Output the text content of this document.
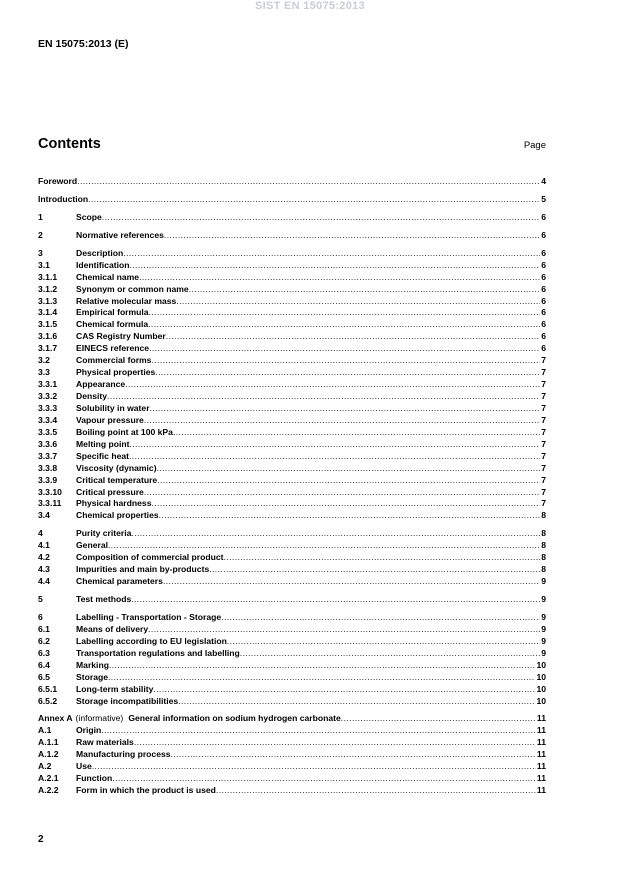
SIST EN 15075:2013
EN 15075:2013 (E)
Contents	Page
Foreword .....	4
Introduction .....	5
1	Scope .....	6
2	Normative references .....	6
3	Description .....	6
3.1	Identification .....	6
3.1.1	Chemical name .....	6
3.1.2	Synonym or common name .....	6
3.1.3	Relative molecular mass .....	6
3.1.4	Empirical formula .....	6
3.1.5	Chemical formula .....	6
3.1.6	CAS Registry Number .....	6
3.1.7	EINECS reference .....	6
3.2	Commercial forms .....	7
3.3	Physical properties .....	7
3.3.1	Appearance .....	7
3.3.2	Density .....	7
3.3.3	Solubility in water .....	7
3.3.4	Vapour pressure .....	7
3.3.5	Boiling point at 100 kPa .....	7
3.3.6	Melting point .....	7
3.3.7	Specific heat .....	7
3.3.8	Viscosity (dynamic) .....	7
3.3.9	Critical temperature .....	7
3.3.10	Critical pressure .....	7
3.3.11	Physical hardness .....	7
3.4	Chemical properties .....	8
4	Purity criteria .....	8
4.1	General .....	8
4.2	Composition of commercial product .....	8
4.3	Impurities and main by-products .....	8
4.4	Chemical parameters .....	9
5	Test methods .....	9
6	Labelling - Transportation - Storage .....	9
6.1	Means of delivery .....	9
6.2	Labelling according to EU legislation .....	9
6.3	Transportation regulations and labelling .....	9
6.4	Marking .....	10
6.5	Storage .....	10
6.5.1	Long-term stability .....	10
6.5.2	Storage incompatibilities .....	10
Annex A (informative) General information on sodium hydrogen carbonate .....	11
A.1	Origin .....	11
A.1.1	Raw materials .....	11
A.1.2	Manufacturing process .....	11
A.2	Use .....	11
A.2.1	Function .....	11
A.2.2	Form in which the product is used .....	11
2
